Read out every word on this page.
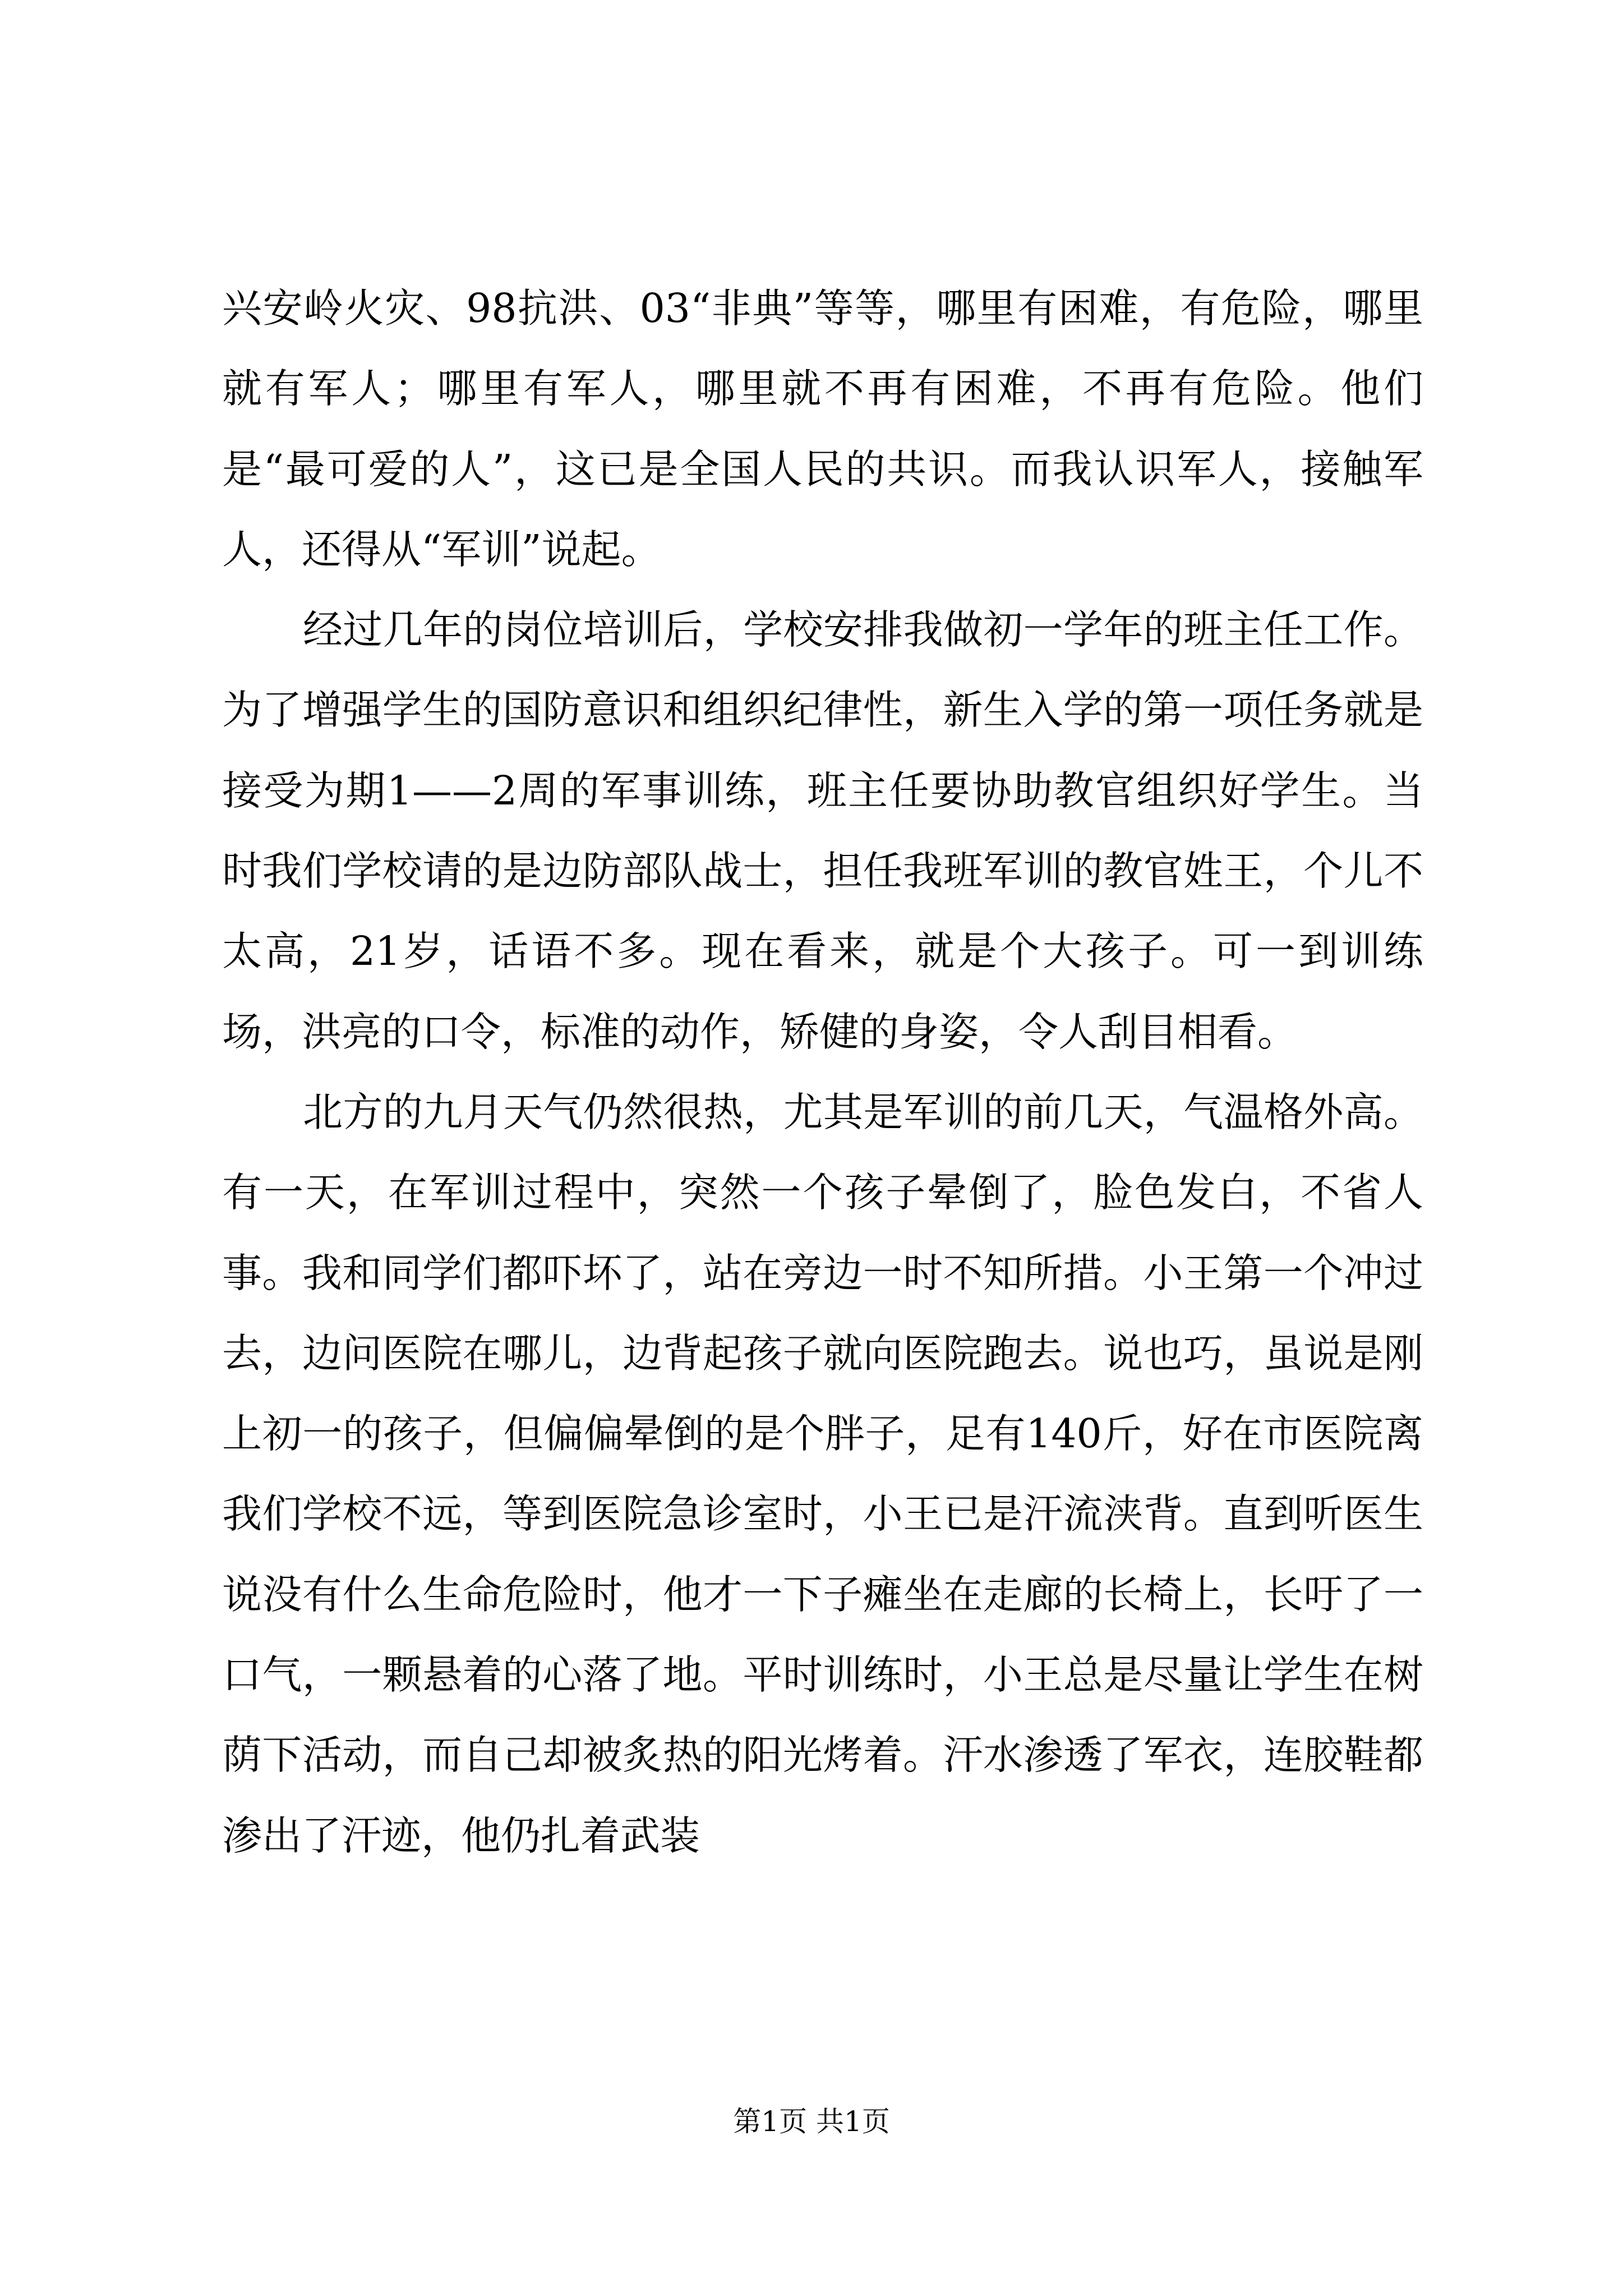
兴安岭火灾、98抗洪、03“非典”等等，哪里有困难，有危险，哪里就有军人；哪里有军人，哪里就不再有困难，不再有危险。他们是“最可爱的人”，这已是全国人民的共识。而我认识军人，接触军人，还得从“军训”说起。

经过几年的岗位培训后，学校安排我做初一学年的班主任工作。为了增强学生的国防意识和组织纪律性，新生入学的第一项任务就是接受为期1——2周的军事训练，班主任要协助教官组织好学生。当时我们学校请的是边防部队战士，担任我班军训的教官姓王，个儿不太高，21岁，话语不多。现在看来，就是个大孩子。可一到训练场，洪亮的口令，标准的动作，矫健的身姿，令人刮目相看。

北方的九月天气仍然很热，尤其是军训的前几天，气温格外高。有一天，在军训过程中，突然一个孩子晕倒了，脸色发白，不省人事。我和同学们都吓坏了，站在旁边一时不知所措。小王第一个冲过去，边问医院在哪儿，边背起孩子就向医院跑去。说也巧，虽说是刚上初一的孩子，但偏偏晕倒的是个胖子，足有140斤，好在市医院离我们学校不远，等到医院急诊室时，小王已是汗流浃背。直到听医生说没有什么生命危险时，他才一下子瘫坐在走廊的长椅上，长吁了一口气，一颗悬着的心落了地。平时训练时，小王总是尽量让学生在树荫下活动，而自己却被炙热的阳光烤着。汗水渗透了军衣，连胶鞋都渗出了汗迹，他仍扎着武装

第1页 共1页
